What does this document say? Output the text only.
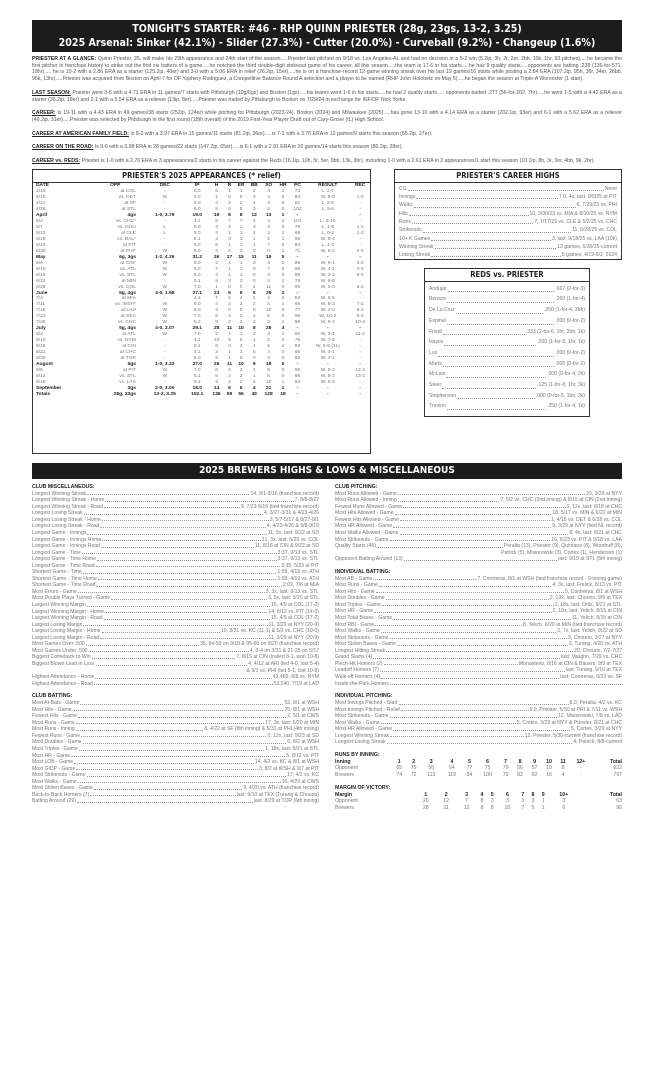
TONIGHT'S STARTER: #46 - RHP QUINN PRIESTER (28g, 23gs, 13-2, 3.25)
2025 Arsenal: Sinker (42.1%) - Slider (27.3%) - Cutter (20.0%) - Curveball (9.2%) - Changeup (1.6%)
PRIESTER AT A GLANCE: Quinn Priester, 25, will make his 29th appearance and 24th start of the season.....Priester last pitched on 9/18 vs. Los Angeles-AL and had no decision in a 5-2 win (5.2ip, 3h, 2r, 2er, 2bb, 10k, 1hr, 93 pitches).....he became the first pitcher in franchise history to strike out the first six batters of a game.....he notched the third double-digit strikeout game of his career, all this season.....the team is 17-6 in his starts.....he has 9 quality starts.....opponents are batting .238 (136-for-571, 18hr)..... he is 10-2 with a 2.86 ERA as a starter (125.2ip, 40er) and 3-0 with a 5.06 ERA in relief (26.2ip, 15er).....he is on a franchise-record 12-game winning streak over his last 19 games/16 starts while posting a 2.84 ERA (107.2ip, 95h, 36r, 34er, 26bb, 96k, 13hr).....Priester was acquired from Boston on April 7 for OF Yophery Rodriguez, a Competitive Balance Round A selection and a player to be named (RHP John Holobetz on May 5).....he began the season at Triple-A Worcester (1 start).
LAST SEASON: Priester went 3-6 with a 4.71 ERA in 11 games/7 starts with Pittsburgh (10g/6gs) and Boston (1gs).....his teams went 1-6 in his starts.....he had 2 quality starts..... opponents batted .277 (56-for-202, 7hr).....he went 1-5 with a 4.42 ERA as a starter (36.2ip, 18er) and 2-1 with a 5.54 ERA as a reliever (13ip, 8er).....Priester was traded by Pittsburgh to Boston on 7/29/24 in exchange for INF/OF Nick Yorke.
CAREER: Is 19-11 with a 4.43 ERA in 49 games/38 starts (252ip, 124er) while pitching for Pittsburgh (2023-24), Boston (2024) and Milwaukee (2025).....has gone 13-10 with a 4.14 ERA as a starter (202.1ip, 93er) and 6-1 with a 5.62 ERA as a reliever (49.2ip, 31er).....Priester was selected by Pittsburgh in the first round (18th overall) of the 2019 First-Year Player Draft out of Cary-Grove (IL) High School.
CAREER AT AMERICAN FAMILY FIELD: Is 8-2 with a 3.97 ERA in 15 games/11 starts (81.2ip, 36er).....is 7-1 with a 3.70 ERA in 12 games/9 starts this season (65.2ip, 27er).
CAREER ON THE ROAD: Is 9-6 with a 3.98 ERA in 28 games/22 starts (147.2ip, 65er).....is 6-1 with a 2.91 ERA in 16 games/14 starts this season (86.2ip, 28er).
CAREER vs. REDS: Priester is 1-0 with a 2.76 ERA in 3 appearances/2 starts in his career against the Reds (16.1ip, 10h, 5r, 5er, 9bb, 13k, 3hr), including 1-0 with a 2.61 ERA in 2 appearances/1 start this season (10.1ip, 8h, 3r, 3er, 4bb, 9k, 2hr).
PRIESTER'S 2025 APPEARANCES (* relief)
DATE	OPP	DEC	IP	H	R	ER	BB	SO	HR	PC	RESULT	REC
4/10	at COL	-	5.0	6	1	1	2	4	1	72	L, 2-7	-
4/15	vs. DET	W	5.0	1	0	0	3	4	0	84	W, 5-0	1-0
4/21	at SF	-	4.0	4	2	2	4	3	0	81	L, 2-5	-
4/26	at STL	-	5.0	8	5	5	3	2	0	102	L, 5-6	-
April	4gs	1-0, 3.79	19.0	19	8	8	12	13	1	-		-
5/2	vs. CHC*	-	4.1	8	7	7	4	4	2	101	L, 0-10	-
5/7	vs. HOU	L	5.0	3	3	1	3	3	0	79	L, 1-9	1-1
5/13	at CLE	L	5.0	3	1	1	2	3	1	69	L, 0-2	1-2
5/19	vs. BAL*	-	5.1	4	3	3	1	2	1	66	W, 5-4	-
5/24	at PIT	-	6.0	6	1	1	1	7	0	84	L, 1-2	-
5/30	at PHI*	W	6.0	4	2	2	0	0	1	71	W, 6-2	2-2
May	6g, 3gs	1-2, 4.26	31.2	26	17	15	11	19	5	-	-	-
6/4	at CIN*	W	5.0	2	1	1	3	4	0	88	W, 9-1	3-2
6/10	vs. ATL	W	6.0	7	1	1	0	7	0	96	W, 4-1	4-2
6/15	vs. STL	W	6.0	4	1	1	0	3	0	88	W, 3-2	5-2
6/22	at MIN	-	3.1	9	3	3	0	4	2	76	W, 9-8	-
6/28	vs. COL	W	7.0	1	0	0	2	11	0	95	W, 5-0	6-2
June	5g, 4gs	4-0, 1.98	27.1	23	6	6	5	29	2	-	-	-
7/4	at MIA	-	4.2	7	5	4	2	4	2	83	W, 6-5	-
7/11	vs. WSH*	W	6.0	4	2	2	2	5	1	86	W, 8-3	7-2
7/18	at LAD	W	6.0	3	0	0	0	10	0	77	W, 2-0	8-2
7/23	at SEA	W	7.0	6	2	2	2	6	0	96	W, 10-2	9-2
7/29	vs. CHC	W	5.2	8	2	2	2	3	1	86	W, 9-3	10-2
July	5g, 4gs	4-0, 3.07	29.1	28	11	10	8	28	4	-	-	-
8/4	at ATL	W	7.0	2	1	1	2	4	1	90	W, 3-1	11-2
8/10	vs. NYM	-	4.1	10	6	6	1	2	2	75	W, 7-6	-
8/16	at CIN	-	5.1	6	2	2	1	5	2	93	W, 6-5 (11)	-
8/21	at CHC	-	4.1	3	1	1	5	4	0	95	W, 4-1	-
8/30	at TOR	-	6.0	5	1	0	0	3	0	82	W, 4-1	-
August	5gs	1-0, 3.33	27.0	26	11	10	9	18	5	-	-	-
9/5	at PIT	W	7.0	6	2	2	1	6	0	96	W, 5-2	12-2
9/12	vs. STL	W	5.1	5	2	2	1	5	0	88	W, 8-2	13-2
9/18	vs. LAA	-	5.2	3	2	2	2	10	1	93	W, 5-2	-
September	3gs	2-0, 3.00	18.0	14	6	6	4	21	1	-	-	-
Totals	28g, 23gs	13-2, 3.25	152.1	136	59	55	49	128	18	-	-	-
PRIESTER'S CAREER HIGHS
CG	None
Innings	7.0, 4x, last: 9/5/25 at PIT
Walks	6, 7/29/23 vs. PHI
Hits	10, 9/30/23 vs. MIA & 8/10/25 vs. NYM
Runs	7, 7/17/23 vs. CLE & 5/2/25 vs. CHC
Strikeouts	11, 6/28/25 vs. COL
10+ K Games	3, last: 9/18/25 vs. LAA (10k)
Winning Streak	12 games, 5/30/25-current
Losing Streak	5 games, 4/19-6/2, 2024
REDS vs. PRIESTER
Andujar	.667 (2-for-3)
Benson	.250 (1-for-4)
De La Cruz	.250 (1-for-4, 3bb)
Espinal	.000 (0-for-2)
Friedl	.333 (2-for-6, 1hr, 2bb, 1k)
Hayes	.200 (1-for-5, 1hr, 1k)
Lux	.000 (0-for-2)
Marte	.000 (0-for-2)
McLain	.000 (0-for-4, 2k)
Steer	.125 (1-for-8, 1hr, 3k)
Stephenson	.000 (0-for-5, 1bb, 2k)
Trevino	.250 (1-for-4, 1k)
2025 BREWERS HIGHS & LOWS & MISCELLANEOUS
CLUB MISCELLANEOUS:
Longest Winning Streak	14, 8/1-8/16 (franchise record)
Longest Winning Streak - Home	7, 8/8-8/22
Longest Winning Streak - Road	9, 7/23-8/16 (tied franchise record)
Longest Losing Streak	4, 3/27-3/31 & 4/23-4/26
Longest Losing Streak - Home	3, 5/7-5/17 & 8/27-9/1
Longest Losing Streak - Road	4, 4/23-4/26 & 9/8-9/19
Longest Game - Innings	11, 5x, last: 9/22 at SD
Longest Game - Innings Home	11, 3x, last: 6/29 vs. COL
Longest Game - Innings Road	11, 8/16 at CIN & 9/22 at SD
Longest Game - Time	3:37, 9/13 vs. STL
Longest Game - Time Home	3:37, 9/13 vs. STL
Longest Game - Time Road	3:35, 5/23 at PIT
Shortest Game - Time	1:59, 4/19 vs. ATH
Shortest Game - Time Home	1:59, 4/19 vs. ATH
Shortest Game - Time Road	2:09, 7/6 at MIA
Most Errors - Game	3, 3x, last: 9/13 vs. STL
Most Double Plays Turned - Game	3, 5x, last: 9/20 at STL
Largest Winning Margin	15, 4/9 at COL (17-2)
Largest Winning Margin - Home	14, 8/12 vs. PIT (14-0)
Largest Winning Margin - Road	15, 4/9 at COL (17-2)
Largest Losing Margin	11, 3/29 at NYY (20-9)
Largest Losing Margin - Home	10, 3/31 vs. KC (11-1) & 5/2 vs. CHC (10-0)
Largest Losing Margin - Road	11, 3/29 at NYY (20-9)
Most Games Over .500	35, 94-59 on 9/18 & 95-60 on 9/20 (franchise record)
Most Games Under .500	4, 0-4 on 3/31 & 21-25 on 5/17
Biggest Comeback to Win	7, 8/15 at CIN (trailed 8-1, won 10-8)
Biggest Blown Lead in Loss	4, 4/12 at ARI (led 4-0, lost 5-4)
& 9/1 vs. PHI (led 5-1, lost 10-8)
Highest Attendance - Home	43,489, 8/8 vs. NYM
Highest Attendance - Road	53,540, 7/19 at LAD
CLUB BATTING:
Most At-Bats - Game	52, 8/1 at WSH
Most Hits - Game	25, 8/1 at WSH
Fewest Hits - Game	2, 5/1 at CWS
Most Runs - Game	17, 3x, last: 6/20 at MIN
Most Runs - Inning	8, 4/22 at SF (8th inning) & 5/31 at PHI (4th inning)
Fewest Runs - Game	0, 12x, last: 9/23 at SD
Most Doubles - Game	6, 8/2 at WSH
Most Triples - Game	1, 18x, last: 9/21 at STL
Most HR - Game	5, 8/12 vs. PIT
Most LOB - Game	14, 4/2 vs. KC & 8/1 at WSH
Most GIDP - Game	3, 8/2 at WSH & 9/7 at PIT
Most Strikeouts - Game	17, 4/2 vs. KC
Most Walks - Game	10, 4/29 at CWS
Most Stolen Bases - Game	9, 4/20 vs. ATH (franchise record)
Back-to-Back Homers (7)	last: 9/10 at TEX (Turang & Chourio)
Batting Around (29)	last: 8/29 at TOR (6th inning)
CLUB PITCHING:
Most Runs Allowed - Game	20, 3/29 at NYY
Most Runs Allowed - Inning	7, 5/2 vs. CHC (2nd inning) & 8/15 at CIN (2nd inning)
Fewest Runs Allowed - Game	0, 12x, last: 8/18 at CHC
Most Hits Allowed - Game	18, 5/17 vs. MIN & 6/22 at MIN
Fewest Hits Allowed - Game	1, 4/15 vs. DET & 6/28 vs. COL
Most HR Allowed - Game	9, 3/29 at NYY (tied NL record)
Most Walks Allowed - Game	8, 4x, last: 8/21 at CHC
Most Strikeouts - Game	16, 6/23 vs. PIT & 9/18 vs. LAA
Quality Starts (46)	Peralta (13), Priester (9), Quintana (8), Woodruff (8),
Patrick (5), Misiorowski (3), Cortes (1), Henderson (1)
Opponent Batting Around (13)	last: 9/19 at STL (5th inning)
INDIVIDUAL BATTING:
Most AB - Game	7, Contreras, 8/1 at WSH (tied franchise record - 9-inning game)
Most Runs - Game	4, 3x, last: Frelick, 8/13 vs. PIT
Most Hits - Game	5, Contreras, 8/1 at WSH
Most Doubles - Game	2, 13x, last: Chourio, 9/9 at TEX
Most Triples - Game	1, 18x, last: Ortiz, 9/21 at STL
Most HR - Game	2, 10x, last: Yelich, 8/15 at CIN
Most Total Bases - Game	11, Yelich, 8/15 at CIN
Most RBI - Game	8, Yelich, 6/20 at MIN (tied franchise record)
Most Walks - Game	3, 7x, last: Yelich, 9/22 at SD
Most Strikeouts - Game	5, Chourio, 3/27 at NYY
Most Stolen Bases - Game	3, Turang, 4/20 vs. ATH
Longest Hitting Streak	20, Chourio, 7/2-7/27
Grand Slams (4)	last: Vaughn, 7/29 vs. CHC
Pinch-Hit Homers (2)	Monasterio, 8/16 at CIN & Bauers, 9/9 at TEX
Leadoff Homers (7)	last: Turang, 9/10 at TEX
Walk-off Homers (4)	last: Contreras, 8/22 vs. SF
Inside-the-Park Homers
INDIVIDUAL PITCHING:
Most Innings Pitched - Start	8.0, Peralta, 4/2 vs. KC
Most Innings Pitched - Relief	6.0, Priester, 5/30 at PHI & 7/11 vs. WSH
Most Strikeouts - Game	12, Misiorowski, 7/8 vs. LAD
Most Walks - Game	5, Cortes, 3/29 at NYY & Priester, 8/21 at CHC
Most HR Allowed - Game	5, Cortes, 3/29 at NYY
Longest Winning Streak	12, Priester, 5/30-current (franchise record)
Longest Losing Streak	4, Patrick, 8/8-current
RUNS BY INNING:
Inning	1	2	3	4	5	6	7	8	9	10	11	12+	Total
Opponent	65	75	56	64	77	75	79	56	57	10	8	-	622
Brewers	74	72	113	110	84	100	79	83	62	16	4	-	797
MARGIN OF VICTORY:
Margin	1	2	3	4	5	6	7	8	9	10+	Total
Opponent	20	12	7	8	3	3	3	3	1	3	63
Brewers	28	11	12	8	8	10	7	5	1	6	96
